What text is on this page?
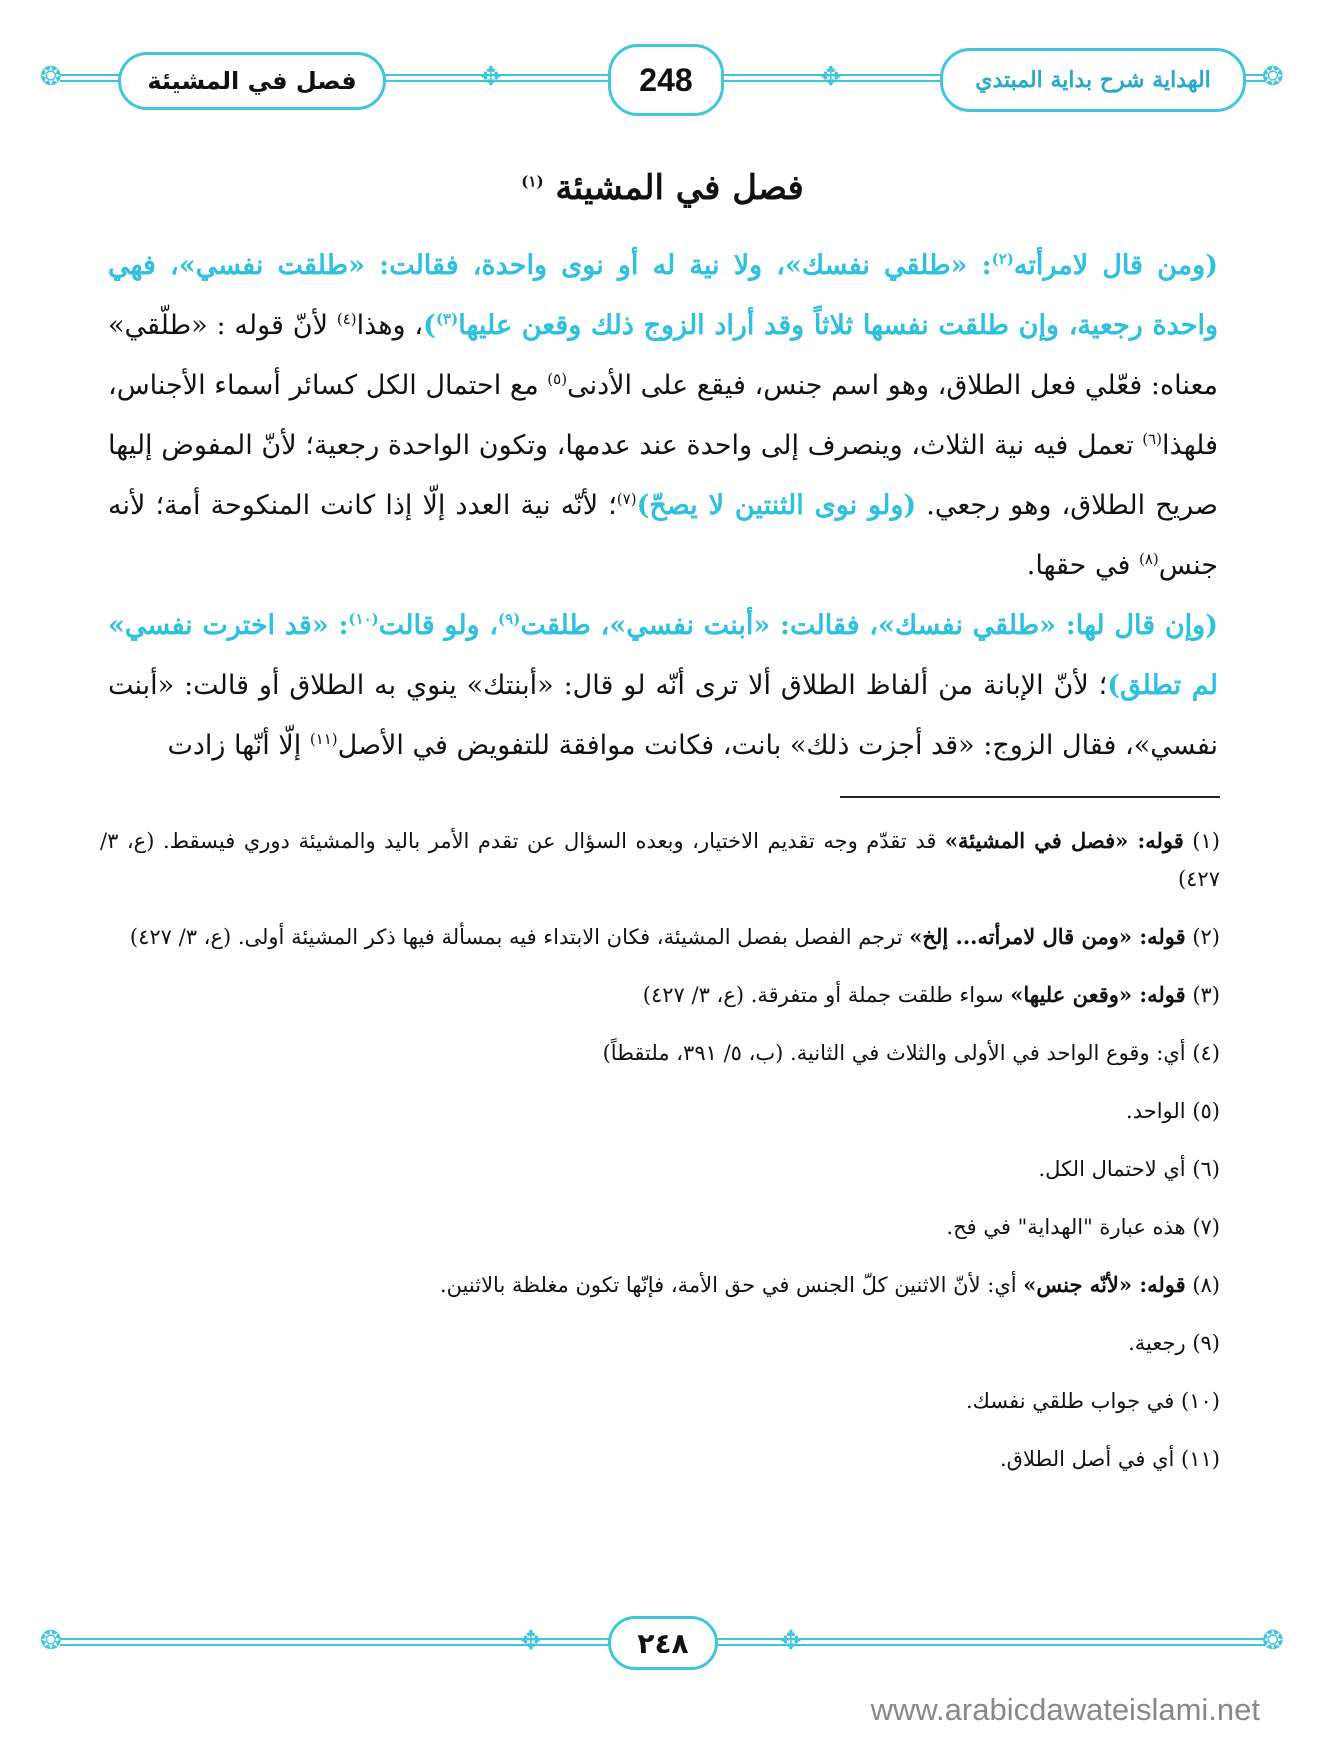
❂	❂
✥	✥
فصل في المشيئة	248	الهداية شرح بداية المبتدي
فصل في المشيئة $^{(١)}$

(ومن قال لامرأته$^{(٢)}$: «طلقي نفسك»، ولا نية له أو نوى واحدة، فقالت: «طلقت نفسي»، فهي واحدة رجعية، وإن طلقت نفسها ثلاثاً وقد أراد الزوج ذلك وقعن عليها$^{(٣)}$)، وهذا$^{(٤)}$ لأنّ قوله : «طلّقي» معناه: فعّلي فعل الطلاق، وهو اسم جنس، فيقع على الأدنى$^{(٥)}$ مع احتمال الكل كسائر أسماء الأجناس، فلهذا$^{(٦)}$ تعمل فيه نية الثلاث، وينصرف إلى واحدة عند عدمها، وتكون الواحدة رجعية؛ لأنّ المفوض إليها صريح الطلاق، وهو رجعي. (ولو نوى الثنتين لا يصحّ)$^{(٧)}$؛ لأنّه نية العدد إلّا إذا كانت المنكوحة أمة؛ لأنه جنس$^{(٨)}$ في حقها.

(وإن قال لها: «طلقي نفسك»، فقالت: «أبنت نفسي»، طلقت$^{(٩)}$، ولو قالت$^{(١٠)}$: «قد اخترت نفسي» لم تطلق)؛ لأنّ الإبانة من ألفاظ الطلاق ألا ترى أنّه لو قال: «أبنتك» ينوي به الطلاق أو قالت: «أبنت نفسي»، فقال الزوج: «قد أجزت ذلك» بانت، فكانت موافقة للتفويض في الأصل$^{(١١)}$ إلّا أنّها زادت

(١) قوله: «فصل في المشيئة» قد تقدّم وجه تقديم الاختيار، وبعده السؤال عن تقدم الأمر باليد والمشيئة دوري فيسقط. (ع، ٣/ ٤٢٧)
(٢) قوله: «ومن قال لامرأته... إلخ» ترجم الفصل بفصل المشيئة، فكان الابتداء فيه بمسألة فيها ذكر المشيئة أولى. (ع، ٣/ ٤٢٧)
(٣) قوله: «وقعن عليها» سواء طلقت جملة أو متفرقة. (ع، ٣/ ٤٢٧)
(٤) أي: وقوع الواحد في الأولى والثلاث في الثانية. (ب، ٥/ ٣٩١، ملتقطاً)
(٥) الواحد.
(٦) أي لاحتمال الكل.
(٧) هذه عبارة "الهداية" في فح.
(٨) قوله: «لأنّه جنس» أي: لأنّ الاثنين كلّ الجنس في حق الأمة، فإنّها تكون مغلظة بالاثنين.
(٩) رجعية.
(١٠) في جواب طلقي نفسك.
(١١) أي في أصل الطلاق.
❂	❂
✥	✥
٢٤٨
www.arabicdawateislami.net
